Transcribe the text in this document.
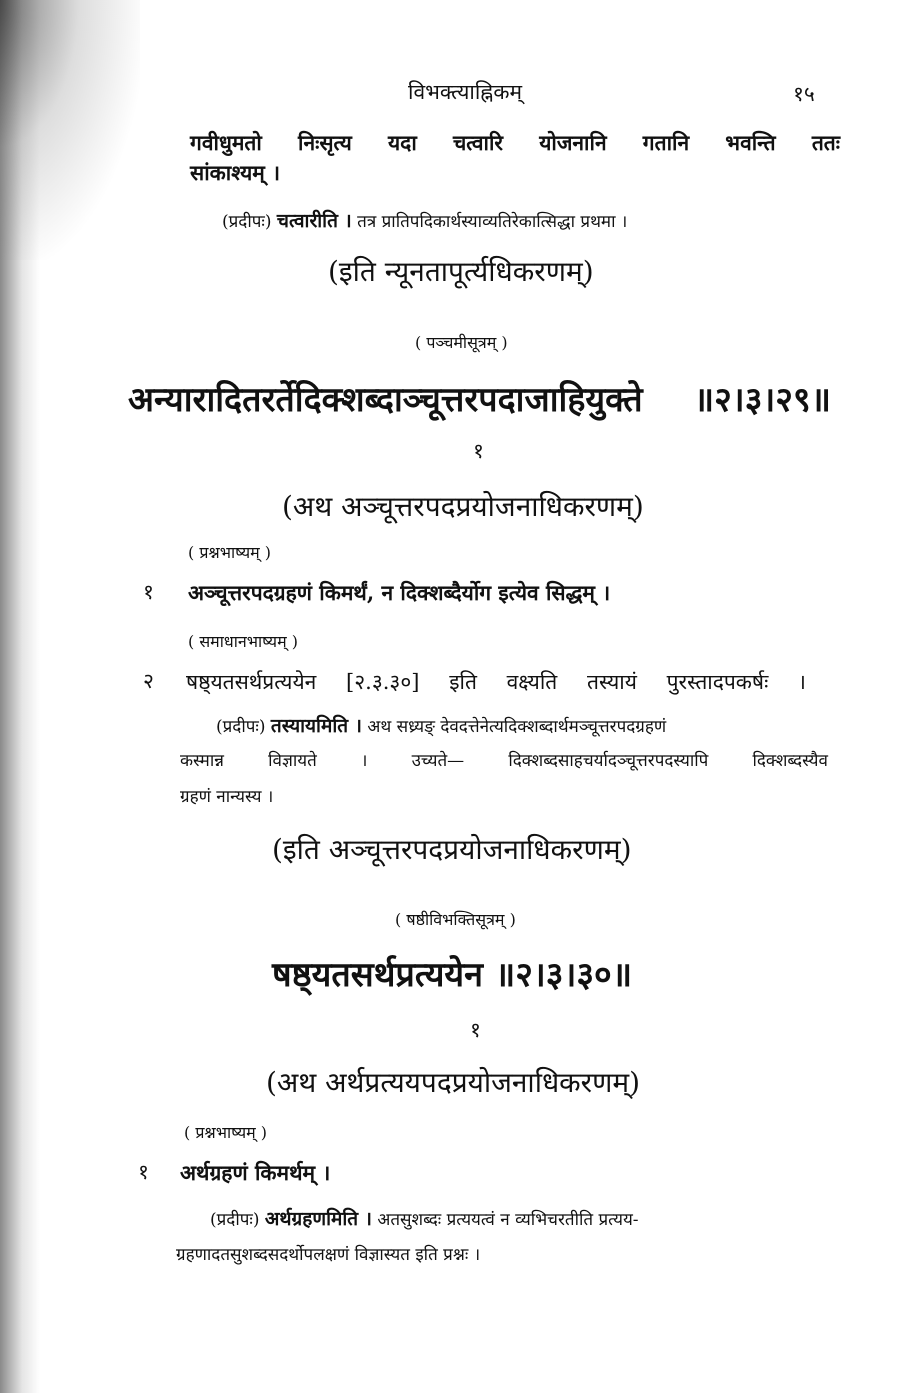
विभक्त्याह्निकम्	१५
गवीधुमतो निःसृत्य यदा चत्वारि योजनानि गतानि भवन्ति ततः
सांकाश्यम् ।
(प्रदीपः) चत्वारीति । तत्र प्रातिपदिकार्थस्याव्यतिरेकात्सिद्धा प्रथमा ।
(इति न्यूनतापूर्त्यधिकरणम्)
( पञ्चमीसूत्रम् )
अन्यारादितरर्तेदिक्शब्दाञ्चूत्तरपदाजाहियुक्ते ॥२।३।२९॥
१
(अथ अञ्चूत्तरपदप्रयोजनाधिकरणम्)
( प्रश्नभाष्यम् )
१ अञ्चूत्तरपदग्रहणं किमर्थं, न दिक्शब्दैर्योग इत्येव सिद्धम् ।
( समाधानभाष्यम् )
२ षष्ठ्यतसर्थप्रत्ययेन [२.३.३०] इति वक्ष्यति तस्यायं पुरस्तादपकर्षः ।
(प्रदीपः) तस्यायमिति । अथ सध्र्यङ् देवदत्तेनेत्यदिक्शब्दार्थमञ्चूत्तरपदग्रहणं
कस्मान्न विज्ञायते । उच्यते— दिक्शब्दसाहचर्यादञ्चूत्तरपदस्यापि दिक्शब्दस्यैव
ग्रहणं नान्यस्य ।
(इति अञ्चूत्तरपदप्रयोजनाधिकरणम्)
( षष्ठीविभक्तिसूत्रम् )
षष्ठ्यतसर्थप्रत्ययेन ॥२।३।३०॥
१
(अथ अर्थप्रत्ययपदप्रयोजनाधिकरणम्)
( प्रश्नभाष्यम् )
१ अर्थग्रहणं किमर्थम् ।
(प्रदीपः) अर्थग्रहणमिति । अतसुशब्दः प्रत्ययत्वं न व्यभिचरतीति प्रत्यय-
ग्रहणादतसुशब्दसदर्थोपलक्षणं विज्ञास्यत इति प्रश्नः ।
